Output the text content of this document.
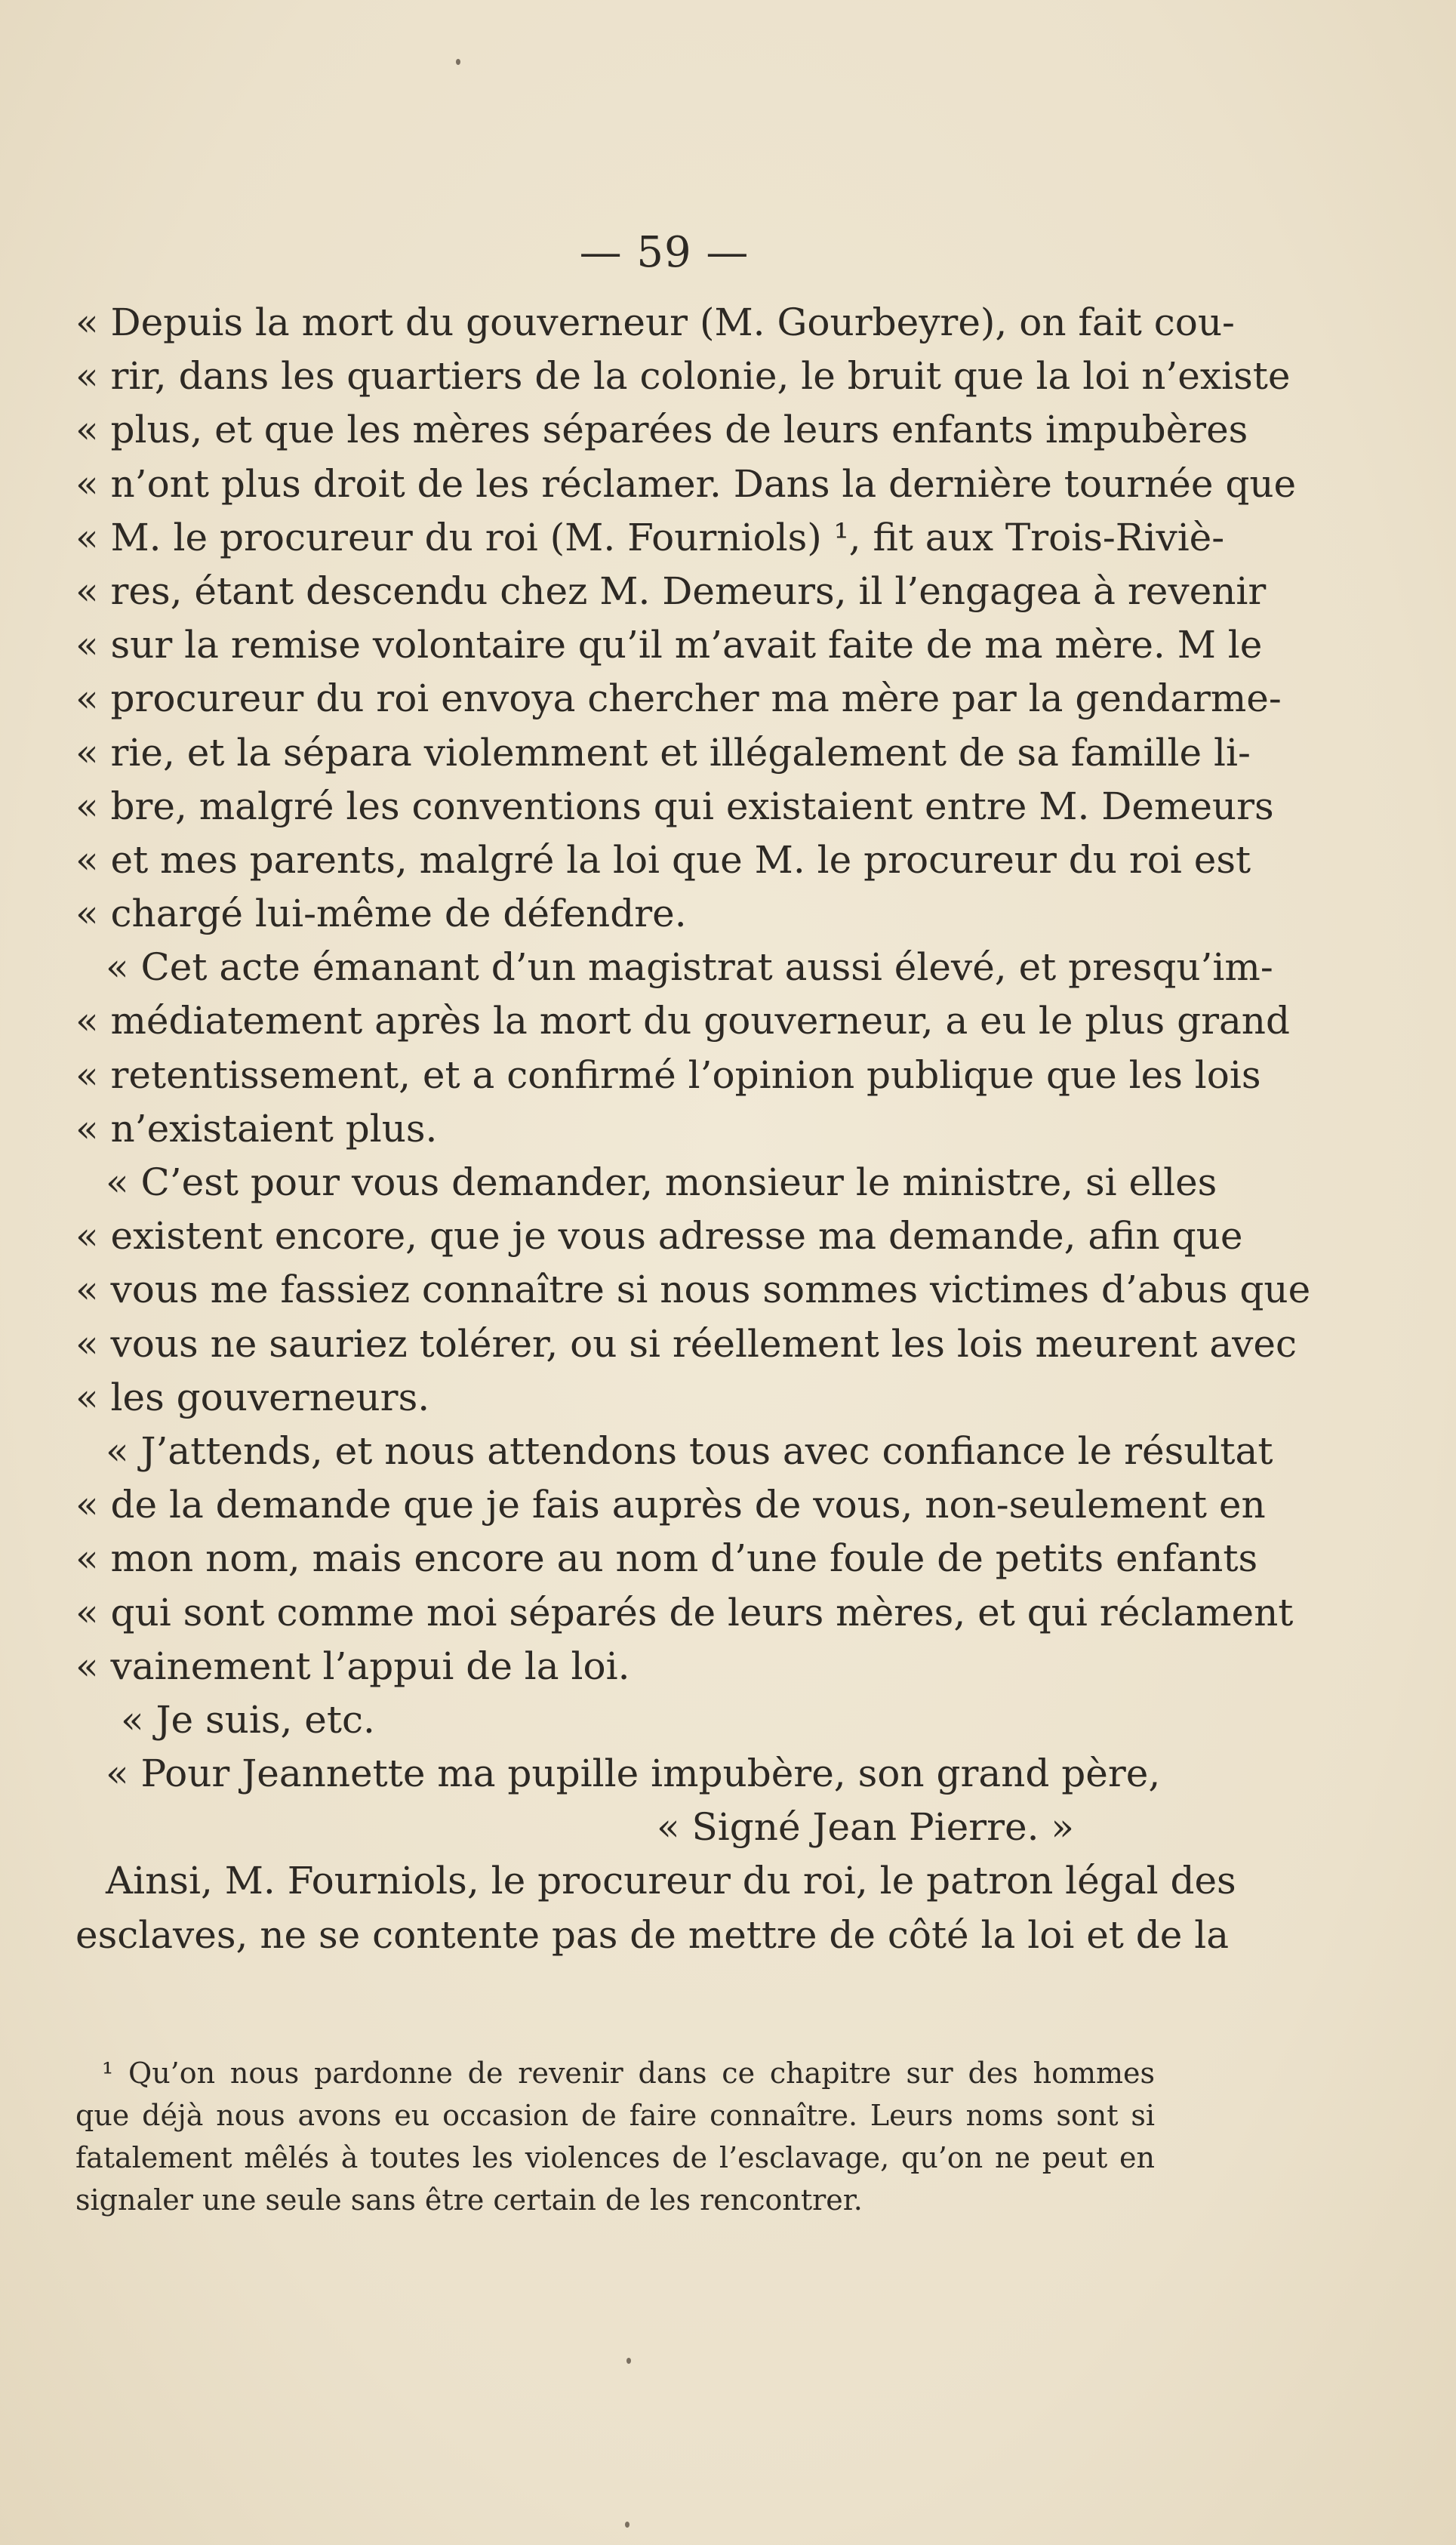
— 59 —
« Depuis la mort du gouverneur (M. Gourbeyre), on fait cou-
« rir, dans les quartiers de la colonie, le bruit que la loi n’existe
« plus, et que les mères séparées de leurs enfants impubères
« n’ont plus droit de les réclamer. Dans la dernière tournée que
« M. le procureur du roi (M. Fourniols) ¹, fit aux Trois-Riviè-
« res, étant descendu chez M. Demeurs, il l’engagea à revenir
« sur la remise volontaire qu’il m’avait faite de ma mère. M le
« procureur du roi envoya chercher ma mère par la gendarme-
« rie, et la sépara violemment et illégalement de sa famille li-
« bre, malgré les conventions qui existaient entre M. Demeurs
« et mes parents, malgré la loi que M. le procureur du roi est
« chargé lui-même de défendre.
« Cet acte émanant d’un magistrat aussi élevé, et presqu’im-
« médiatement après la mort du gouverneur, a eu le plus grand
« retentissement, et a confirmé l’opinion publique que les lois
« n’existaient plus.
« C’est pour vous demander, monsieur le ministre, si elles
« existent encore, que je vous adresse ma demande, afin que
« vous me fassiez connaître si nous sommes victimes d’abus que
« vous ne sauriez tolérer, ou si réellement les lois meurent avec
« les gouverneurs.
« J’attends, et nous attendons tous avec confiance le résultat
« de la demande que je fais auprès de vous, non-seulement en
« mon nom, mais encore au nom d’une foule de petits enfants
« qui sont comme moi séparés de leurs mères, et qui réclament
« vainement l’appui de la loi.
« Je suis, etc.
« Pour Jeannette ma pupille impubère, son grand père,
« Signé Jean Pierre. »
Ainsi, M. Fourniols, le procureur du roi, le patron légal des
esclaves, ne se contente pas de mettre de côté la loi et de la
¹ Qu’on nous pardonne de revenir dans ce chapitre sur des hommes
que déjà nous avons eu occasion de faire connaître. Leurs noms sont si
fatalement mêlés à toutes les violences de l’esclavage, qu’on ne peut en
signaler une seule sans être certain de les rencontrer.
